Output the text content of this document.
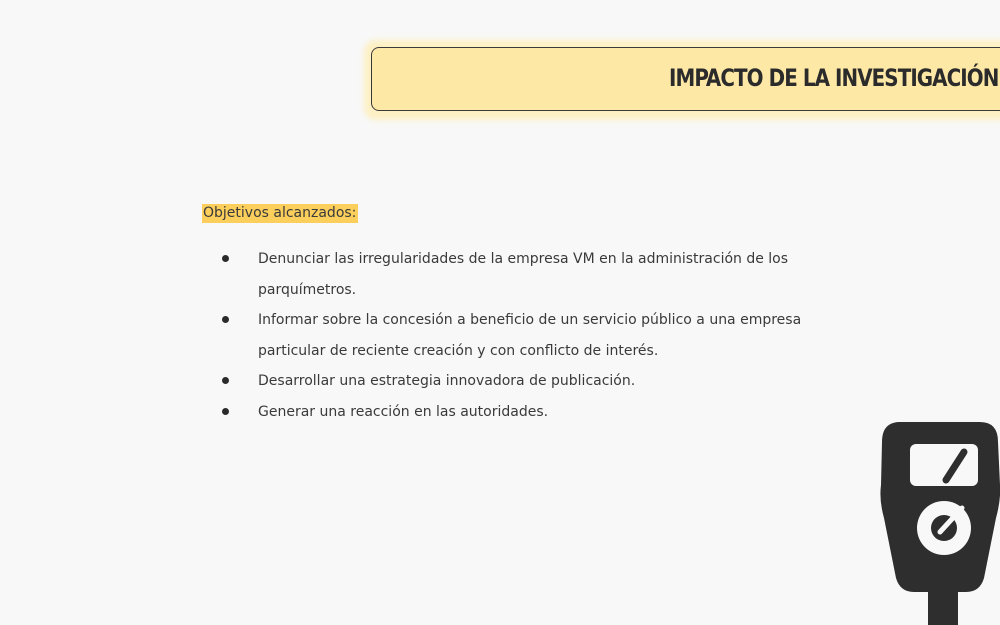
IMPACTO DE LA INVESTIGACIÓN
Objetivos alcanzados:
Denunciar las irregularidades de la empresa VM en la administración de los parquímetros.
Informar sobre la concesión a beneficio de un servicio público a una empresa particular de reciente creación y con conflicto de interés.
Desarrollar una estrategia innovadora de publicación.
Generar una reacción en las autoridades.
